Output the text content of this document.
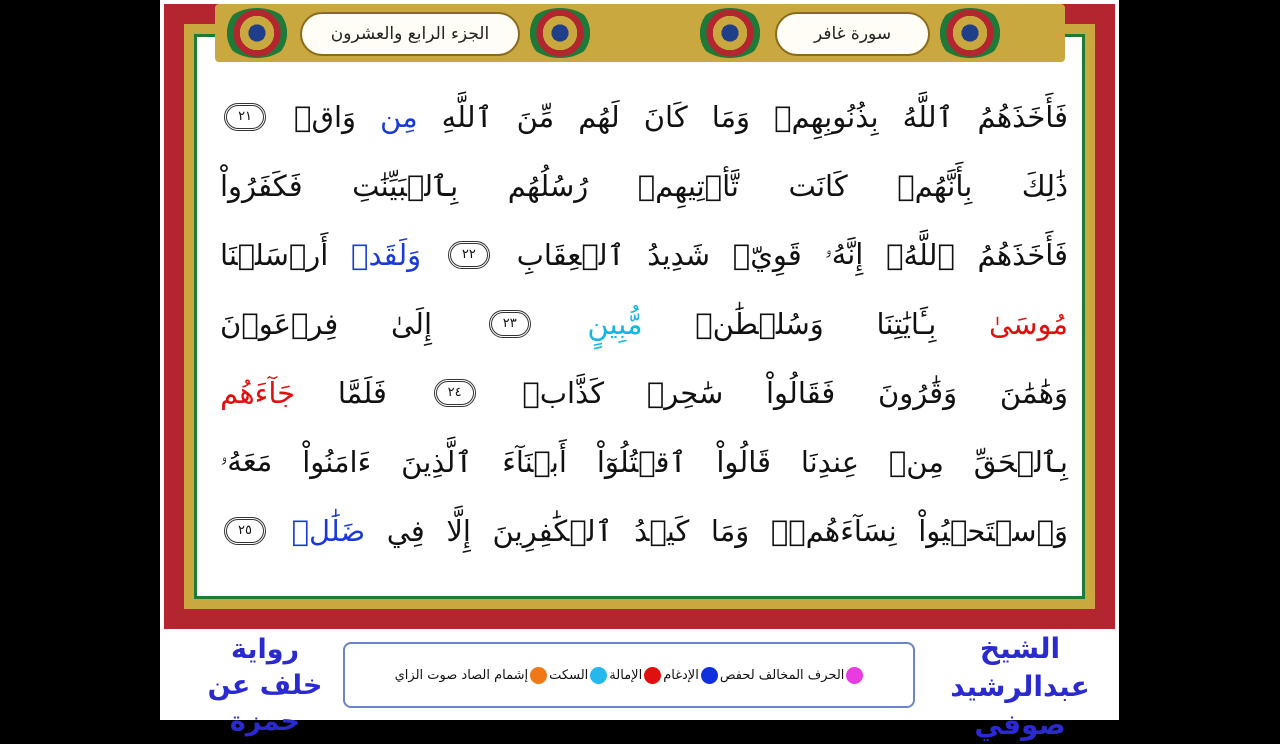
الجزء الرابع والعشرون	سورة غافر
فَأَخَذَهُمُ
ٱللَّهُ
بِذُنُوبِهِمۡ
وَمَا
كَانَ
لَهُم
مِّنَ
ٱللَّهِ
مِن
وَاقٖ
٢١
ذَٰلِكَ
بِأَنَّهُمۡ
كَانَت
تَّأۡتِيهِمۡ
رُسُلُهُم
بِٱلۡبَيِّنَٰتِ
فَكَفَرُواْ
فَأَخَذَهُمُ
ٱللَّهُۚ
إِنَّهُۥ
قَوِيّٞ
شَدِيدُ
ٱلۡعِقَابِ
٢٢
وَلَقَدۡ
أَرۡسَلۡنَا
مُوسَىٰ
بِـَٔايَٰتِنَا
وَسُلۡطَٰنٖ
مُّبِينٍ
٢٣
إِلَىٰ
فِرۡعَوۡنَ
وَهَٰمَٰنَ
وَقَٰرُونَ
فَقَالُواْ
سَٰحِرٞ
كَذَّابٞ
٢٤
فَلَمَّا
جَآءَهُم
بِٱلۡحَقِّ
مِنۡ
عِندِنَا
قَالُواْ
ٱقۡتُلُوٓاْ
أَبۡنَآءَ
ٱلَّذِينَ
ءَامَنُواْ
مَعَهُۥ
وَٱسۡتَحۡيُواْ
نِسَآءَهُمۡۚ
وَمَا
كَيۡدُ
ٱلۡكَٰفِرِينَ
إِلَّا
فِي
ضَلَٰلٖ
٢٥
رواية
خلف عن حمزة
الحرف المخالف لحفص
الإدغام
الإمالة
السكت
إشمام الصاد صوت الزاي
الشيخ
عبدالرشيد صوفي
